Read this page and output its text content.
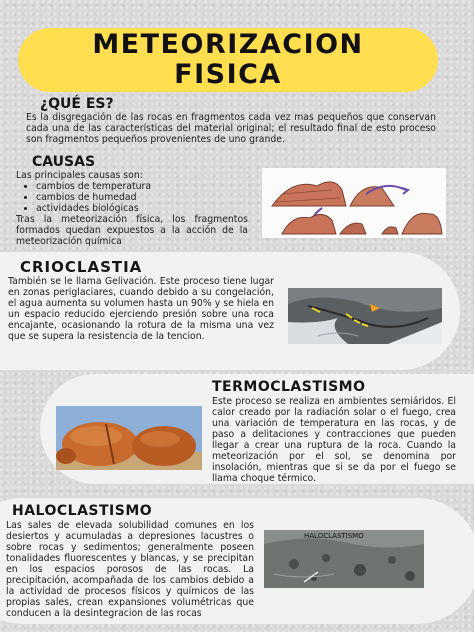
METEORIZACION
FISICA
¿QUÉ ES?
Es la disgregación de las rocas en fragmentos cada vez mas pequeños que conservan cada una de las características del material original; el resultado final de esto proceso son fragmentos pequeños provenientes de uno grande.
CAUSAS
Las principales causas son:
• cambios de temperatura
• cambios de humedad
• actividades biológicas
Tras la meteorización física, los fragmentos formados quedan expuestos a la acción de la meteorización química
CRIOCLASTIA
También se le llama Gelivación. Este proceso tiene lugar en zonas periglaciares, cuando debido a su congelación, el agua aumenta su volumen hasta un 90% y se hiela en un espacio reducido ejerciendo presión sobre una roca encajante, ocasionando la rotura de la misma una vez que se supera la resistencia de la tencion.
TERMOCLASTISMO
Este proceso se realiza en ambientes semiáridos. El calor creado por la radiación solar o el fuego, crea una variación de temperatura en las rocas, y de paso a delitaciones y contracciones que pueden llegar a crear una ruptura de la roca. Cuando la meteorización por el sol, se denomina por insolación, mientras que si se da por el fuego se llama choque térmico.
HALOCLASTISMO
Las sales de elevada solubilidad comunes en los desiertos y acumuladas a depresiones lacustres o sobre rocas y sedimentos; generalmente poseen tonalidades fluorescentes y blancas, y se precipitan en los espacios porosos de las rocas. La precipitación, acompañada de los cambios debido a la actividad de procesos físicos y químicos de las propias sales, crean expansiones volumétricas que conducen a la desintegracion de las rocas
HALOCLASTISMO
